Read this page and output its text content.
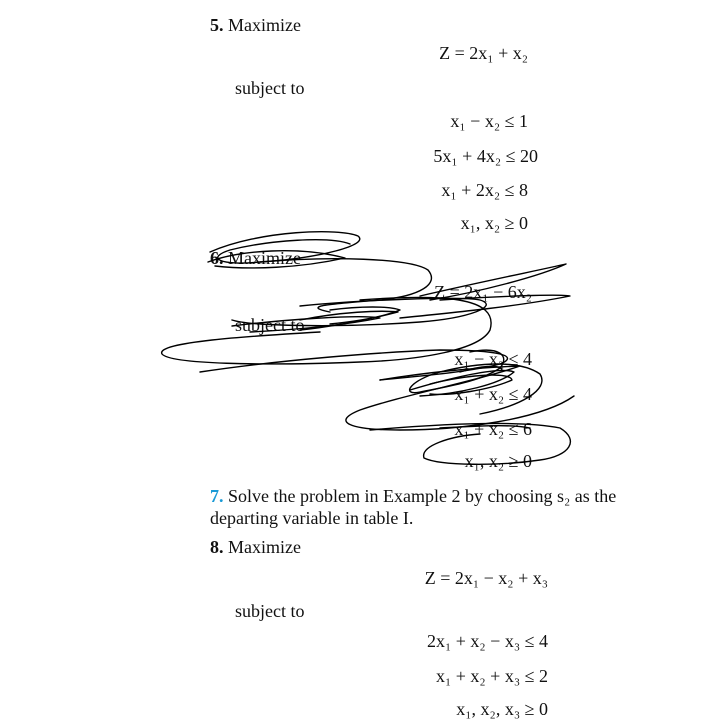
5. Maximize
Z = 2x₁ + x₂
subject to
x₁ − x₂ ≤ 1
5x₁ + 4x₂ ≤ 20
x₁ + 2x₂ ≤ 8
x₁, x₂ ≥ 0
6. Maximize
Z = 2x₁ − 6x₂
subject to
x₁ − x₂ ≤ 4
−x₁ + x₂ ≤ 4
x₁ + x₂ ≤ 6
x₁, x₂ ≥ 0
7. Solve the problem in Example 2 by choosing s₂ as the
departing variable in table I.
8. Maximize
Z = 2x₁ − x₂ + x₃
subject to
2x₁ + x₂ − x₃ ≤ 4
x₁ + x₂ + x₃ ≤ 2
x₁, x₂, x₃ ≥ 0
